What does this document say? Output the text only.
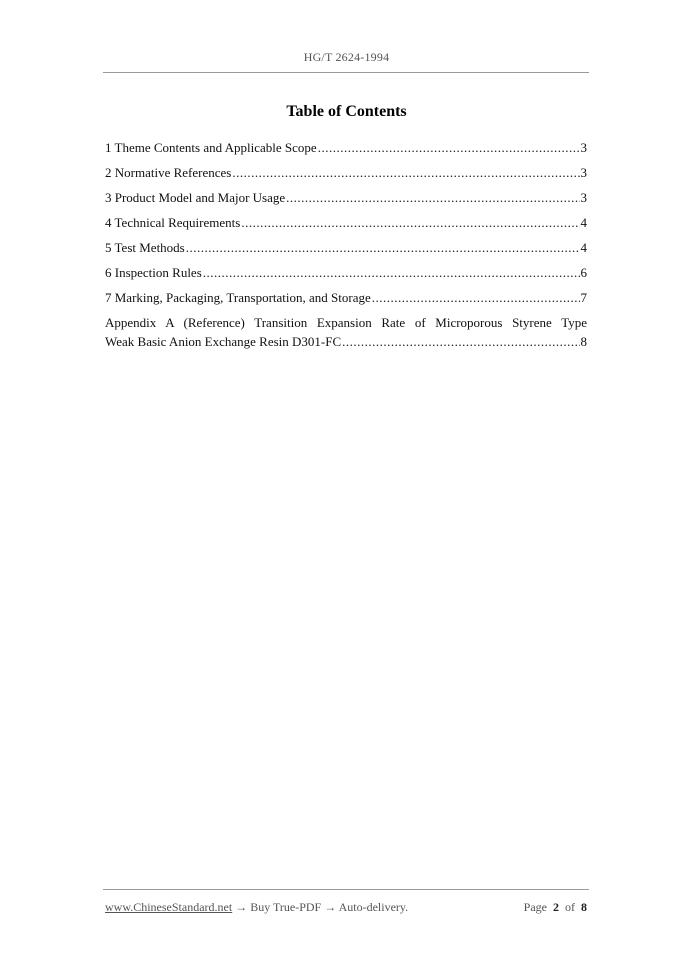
HG/T 2624-1994
Table of Contents
1 Theme Contents and Applicable Scope .....	3
2 Normative References .....	3
3 Product Model and Major Usage .....	3
4 Technical Requirements .....	4
5 Test Methods .....	4
6 Inspection Rules .....	6
7 Marking, Packaging, Transportation, and Storage .....	7
Appendix A (Reference) Transition Expansion Rate of Microporous Styrene Type
Weak Basic Anion Exchange Resin D301-FC .....	8
www.ChineseStandard.net → Buy True-PDF → Auto-delivery.	Page 2 of 8
